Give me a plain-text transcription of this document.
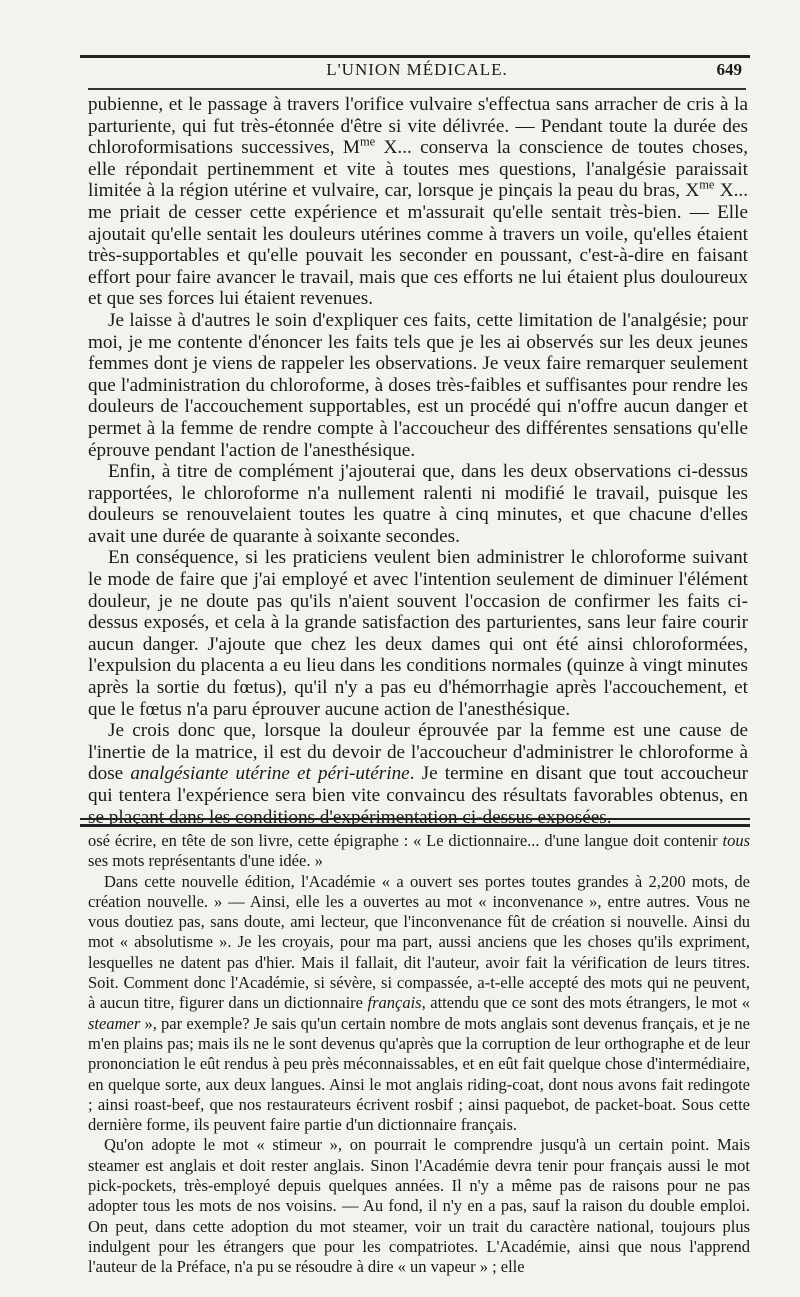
L'UNION MÉDICALE.	649

pubienne, et le passage à travers l'orifice vulvaire s'effectua sans arracher de cris à la parturiente, qui fut très-étonnée d'être si vite délivrée. — Pendant toute la durée des chloroformisations successives, $M^{me}$ X... conserva la conscience de toutes choses, elle répondait pertinemment et vite à toutes mes questions, l'analgésie paraissait limitée à la région utérine et vulvaire, car, lorsque je pinçais la peau du bras, $X^{me}$ X... me priait de cesser cette expérience et m'assurait qu'elle sentait très-bien. — Elle ajoutait qu'elle sentait les douleurs utérines comme à travers un voile, qu'elles étaient très-supportables et qu'elle pouvait les seconder en poussant, c'est-à-dire en faisant effort pour faire avancer le travail, mais que ces efforts ne lui étaient plus douloureux et que ses forces lui étaient revenues.

Je laisse à d'autres le soin d'expliquer ces faits, cette limitation de l'analgésie; pour moi, je me contente d'énoncer les faits tels que je les ai observés sur les deux jeunes femmes dont je viens de rappeler les observations. Je veux faire remarquer seulement que l'administration du chloroforme, à doses très-faibles et suffisantes pour rendre les douleurs de l'accouchement supportables, est un procédé qui n'offre aucun danger et permet à la femme de rendre compte à l'accoucheur des différentes sensations qu'elle éprouve pendant l'action de l'anesthésique.

Enfin, à titre de complément j'ajouterai que, dans les deux observations ci-dessus rapportées, le chloroforme n'a nullement ralenti ni modifié le travail, puisque les douleurs se renouvelaient toutes les quatre à cinq minutes, et que chacune d'elles avait une durée de quarante à soixante secondes.

En conséquence, si les praticiens veulent bien administrer le chloroforme suivant le mode de faire que j'ai employé et avec l'intention seulement de diminuer l'élément douleur, je ne doute pas qu'ils n'aient souvent l'occasion de confirmer les faits ci-dessus exposés, et cela à la grande satisfaction des parturientes, sans leur faire courir aucun danger. J'ajoute que chez les deux dames qui ont été ainsi chloroformées, l'expulsion du placenta a eu lieu dans les conditions normales (quinze à vingt minutes après la sortie du fœtus), qu'il n'y a pas eu d'hémorrhagie après l'accouchement, et que le fœtus n'a paru éprouver aucune action de l'anesthésique.

Je crois donc que, lorsque la douleur éprouvée par la femme est une cause de l'inertie de la matrice, il est du devoir de l'accoucheur d'administrer le chloroforme à dose analgésiante utérine et péri-utérine. Je termine en disant que tout accoucheur qui tentera l'expérience sera bien vite convaincu des résultats favorables obtenus, en

osé écrire, en tête de son livre, cette épigraphe : « Le dictionnaire... d'une langue doit contenir tous ses mots représentants d'une idée. »

Dans cette nouvelle édition, l'Académie « a ouvert ses portes toutes grandes à 2,200 mots, de création nouvelle. » — Ainsi, elle les a ouvertes au mot « inconvenance », entre autres. Vous ne vous doutiez pas, sans doute, ami lecteur, que l'inconvenance fût de création si nouvelle. Ainsi du mot « absolutisme ». Je les croyais, pour ma part, aussi anciens que les choses qu'ils expriment, lesquelles ne datent pas d'hier. Mais il fallait, dit l'auteur, avoir fait la vérification de leurs titres. Soit. Comment donc l'Académie, si sévère, si compassée, a-t-elle accepté des mots qui ne peuvent, à aucun titre, figurer dans un dictionnaire français, attendu que ce sont des mots étrangers, le mot « steamer », par exemple? Je sais qu'un certain nombre de mots anglais sont devenus français, et je ne m'en plains pas; mais ils ne le sont devenus qu'après que la corruption de leur orthographe et de leur prononciation le eût rendus à peu près méconnaissables, et en eût fait quelque chose d'intermédiaire, en quelque sorte, aux deux langues. Ainsi le mot anglais riding-coat, dont nous avons fait redingote ; ainsi roast-beef, que nos restaurateurs écrivent rosbif ; ainsi paquebot, de packet-boat. Sous cette dernière forme, ils peuvent faire partie d'un dictionnaire français.

Qu'on adopte le mot « stimeur », on pourrait le comprendre jusqu'à un certain point. Mais steamer est anglais et doit rester anglais. Sinon l'Académie devra tenir pour français aussi le mot pick-pockets, très-employé depuis quelques années. Il n'y a même pas de raisons pour ne pas adopter tous les mots de nos voisins. — Au fond, il n'y en a pas, sauf la raison du double emploi. On peut, dans cette adoption du mot steamer, voir un trait du caractère national, toujours plus indulgent pour les étrangers que pour les compatriotes. L'Académie, ainsi que nous l'apprend l'auteur de la Préface, n'a pu se résoudre à dire « un vapeur » ; elle
